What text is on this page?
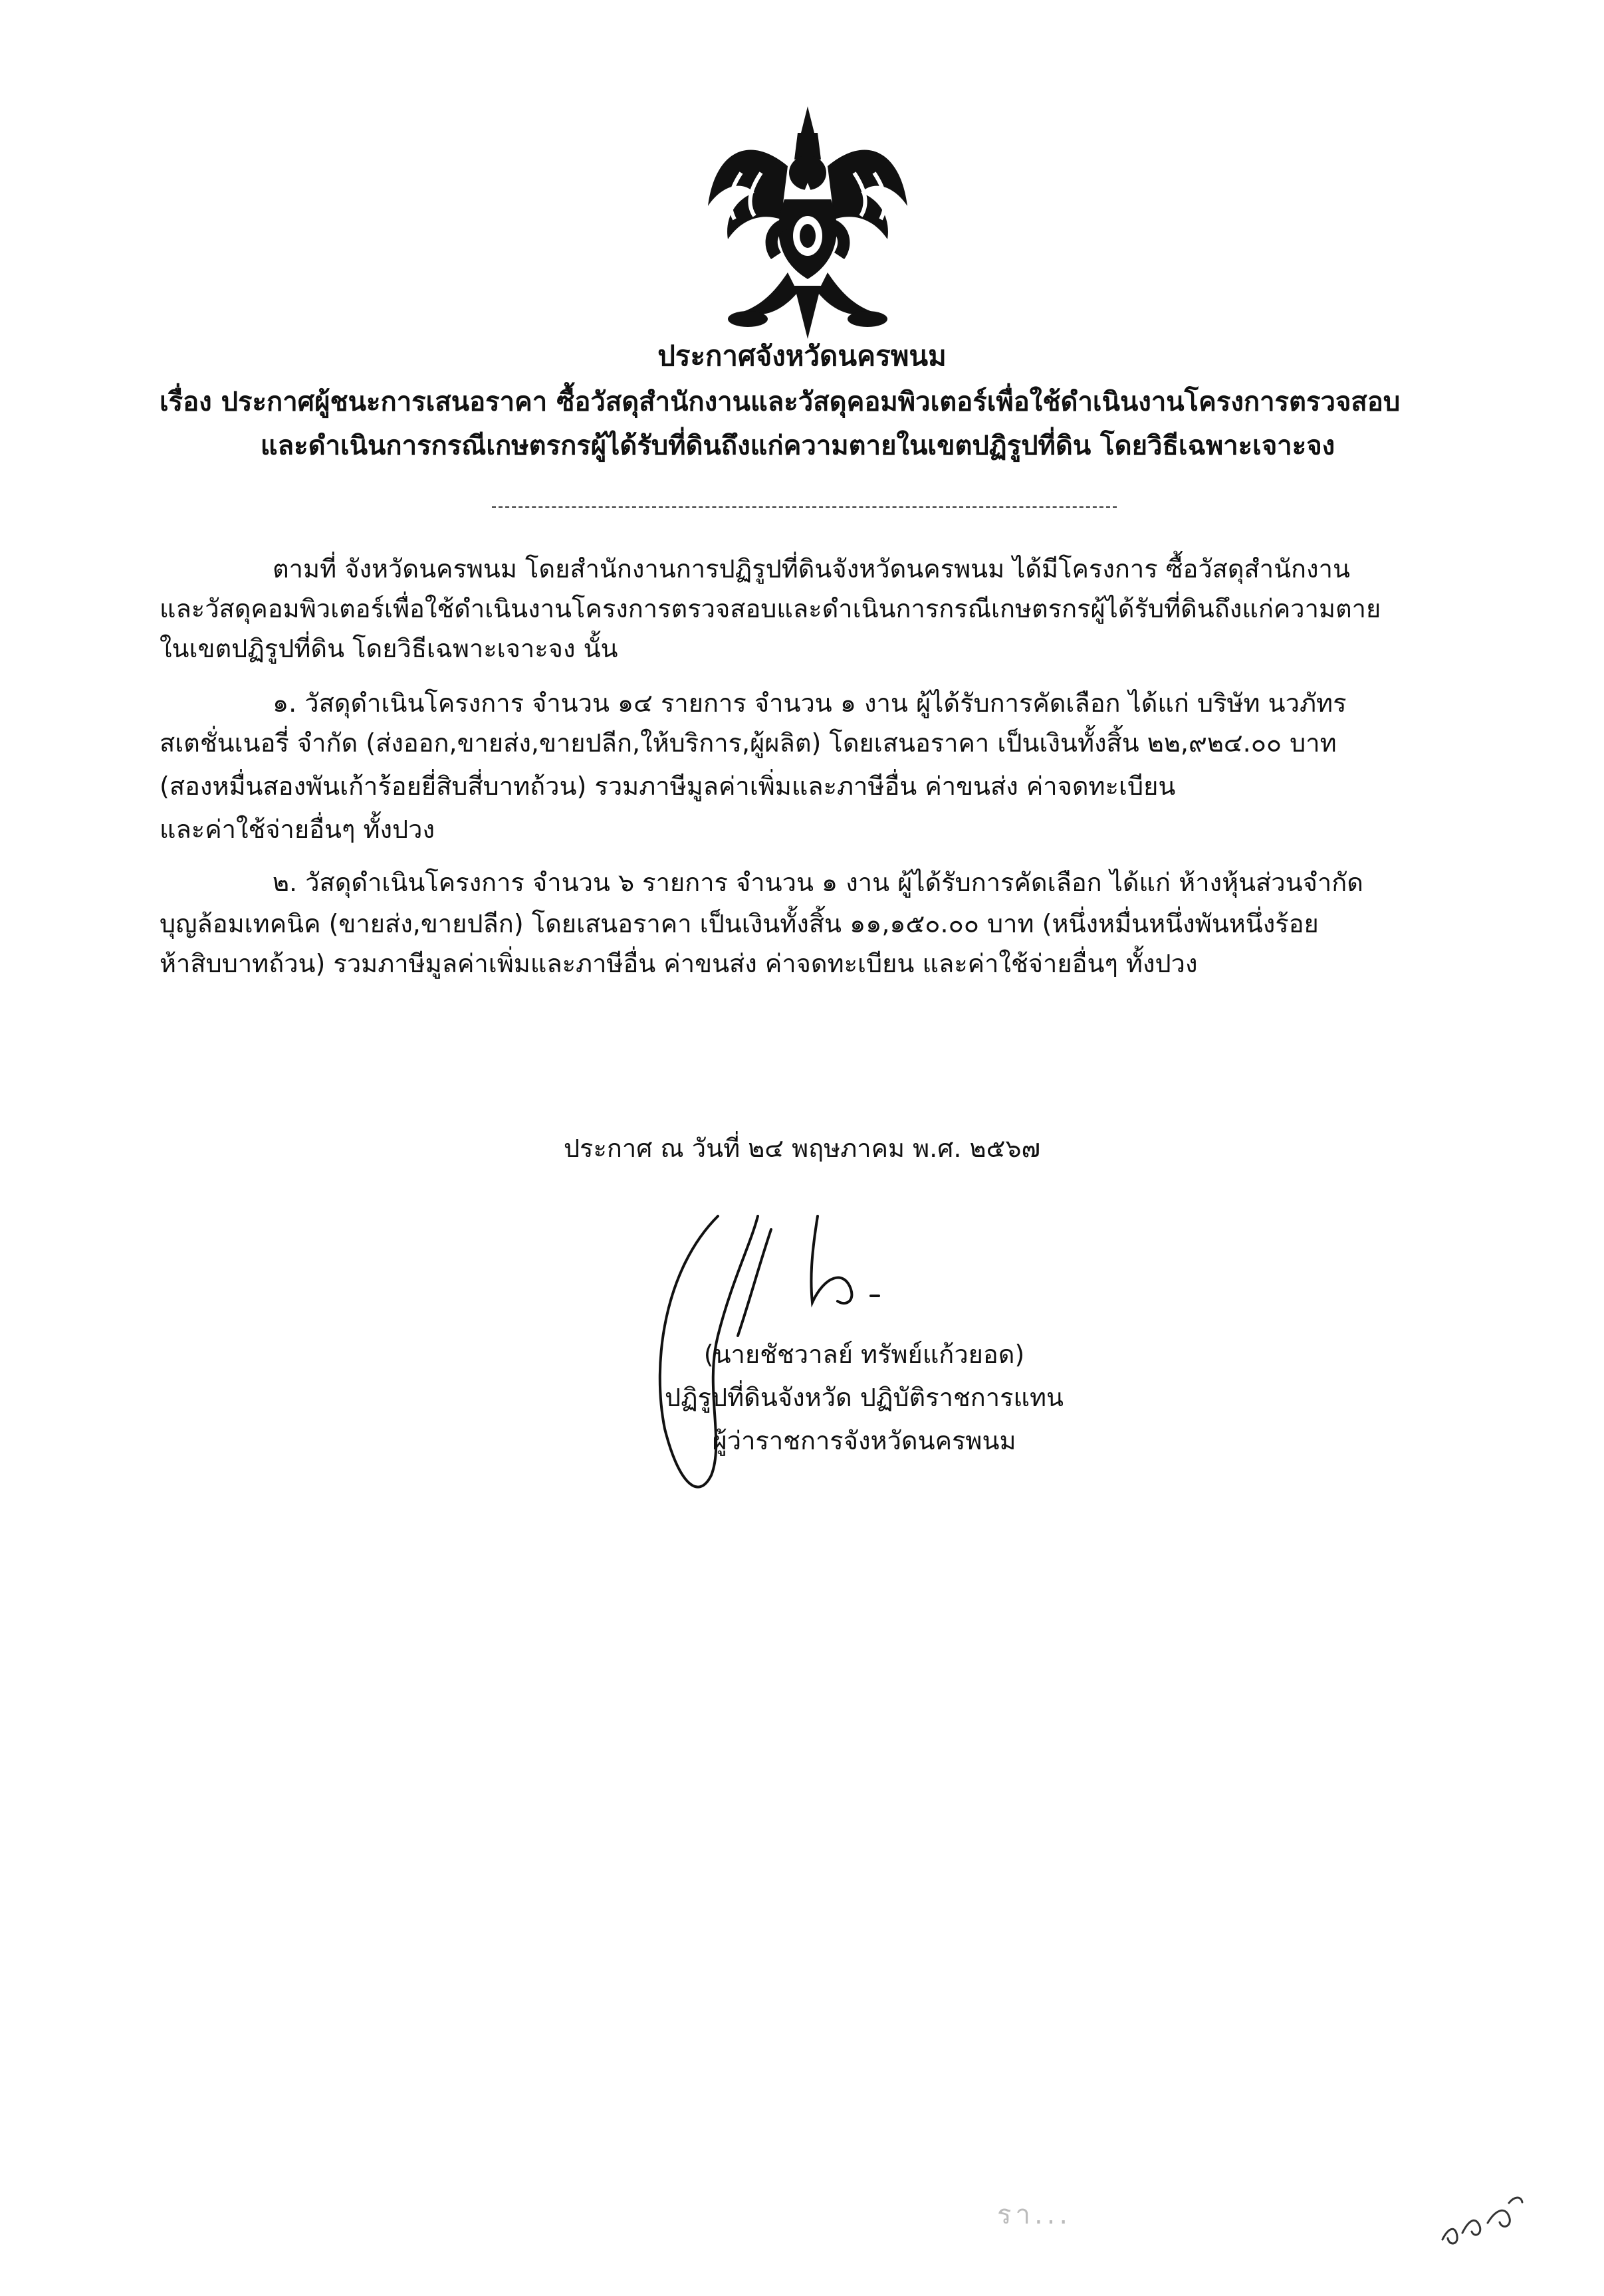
ประกาศจังหวัดนครพนม

เรื่อง ประกาศผู้ชนะการเสนอราคา ซื้อวัสดุสำนักงานและวัสดุคอมพิวเตอร์เพื่อใช้ดำเนินงานโครงการตรวจสอบ

และดำเนินการกรณีเกษตรกรผู้ได้รับที่ดินถึงแก่ความตายในเขตปฏิรูปที่ดิน โดยวิธีเฉพาะเจาะจง

ตามที่ จังหวัดนครพนม โดยสำนักงานการปฏิรูปที่ดินจังหวัดนครพนม ได้มีโครงการ ซื้อวัสดุสำนักงาน

และวัสดุคอมพิวเตอร์เพื่อใช้ดำเนินงานโครงการตรวจสอบและดำเนินการกรณีเกษตรกรผู้ได้รับที่ดินถึงแก่ความตาย

ในเขตปฏิรูปที่ดิน โดยวิธีเฉพาะเจาะจง นั้น

๑. วัสดุดำเนินโครงการ จำนวน ๑๔ รายการ จำนวน ๑ งาน ผู้ได้รับการคัดเลือก ได้แก่ บริษัท นวภัทร

สเตชั่นเนอรี่ จำกัด (ส่งออก,ขายส่ง,ขายปลีก,ให้บริการ,ผู้ผลิต) โดยเสนอราคา เป็นเงินทั้งสิ้น ๒๒,๙๒๔.๐๐ บาท

(สองหมื่นสองพันเก้าร้อยยี่สิบสี่บาทถ้วน) รวมภาษีมูลค่าเพิ่มและภาษีอื่น ค่าขนส่ง ค่าจดทะเบียน

และค่าใช้จ่ายอื่นๆ ทั้งปวง

๒. วัสดุดำเนินโครงการ จำนวน ๖ รายการ จำนวน ๑ งาน ผู้ได้รับการคัดเลือก ได้แก่ ห้างหุ้นส่วนจำกัด

บุญล้อมเทคนิค (ขายส่ง,ขายปลีก) โดยเสนอราคา เป็นเงินทั้งสิ้น ๑๑,๑๕๐.๐๐ บาท (หนึ่งหมื่นหนึ่งพันหนึ่งร้อย

ห้าสิบบาทถ้วน) รวมภาษีมูลค่าเพิ่มและภาษีอื่น ค่าขนส่ง ค่าจดทะเบียน และค่าใช้จ่ายอื่นๆ ทั้งปวง

ประกาศ ณ วันที่ ๒๔ พฤษภาคม พ.ศ. ๒๕๖๗

(นายชัชวาลย์ ทรัพย์แก้วยอด)

ปฏิรูปที่ดินจังหวัด ปฏิบัติราชการแทน

ผู้ว่าราชการจังหวัดนครพนม

รา...
